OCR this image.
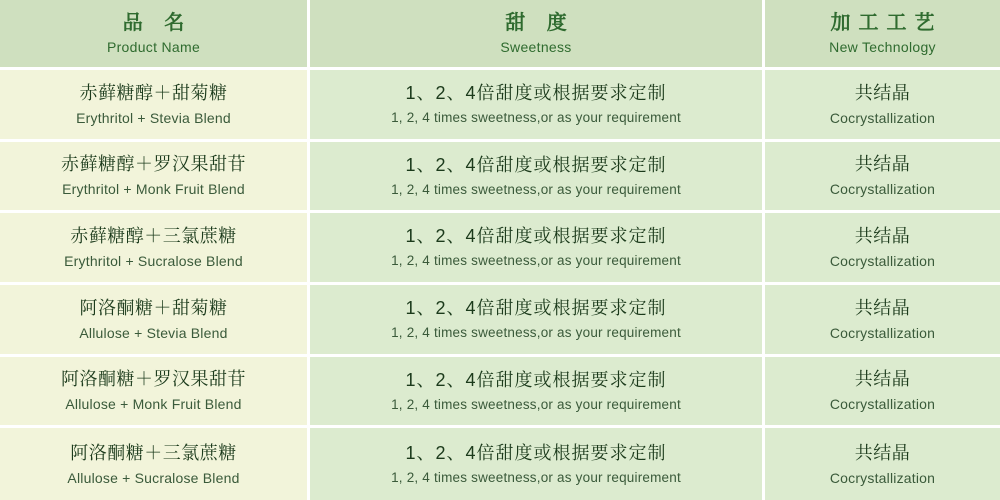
品 名
Product Name
甜 度
Sweetness
加工工艺
New Technology
赤藓糖醇＋甜菊糖
Erythritol + Stevia Blend
1、2、4倍甜度或根据要求定制
1, 2, 4 times sweetness,or as your requirement
共结晶
Cocrystallization
赤藓糖醇＋罗汉果甜苷
Erythritol + Monk Fruit Blend
1、2、4倍甜度或根据要求定制
1, 2, 4 times sweetness,or as your requirement
共结晶
Cocrystallization
赤藓糖醇＋三氯蔗糖
Erythritol + Sucralose Blend
1、2、4倍甜度或根据要求定制
1, 2, 4 times sweetness,or as your requirement
共结晶
Cocrystallization
阿洛酮糖＋甜菊糖
Allulose + Stevia Blend
1、2、4倍甜度或根据要求定制
1, 2, 4 times sweetness,or as your requirement
共结晶
Cocrystallization
阿洛酮糖＋罗汉果甜苷
Allulose + Monk Fruit Blend
1、2、4倍甜度或根据要求定制
1, 2, 4 times sweetness,or as your requirement
共结晶
Cocrystallization
阿洛酮糖＋三氯蔗糖
Allulose + Sucralose Blend
1、2、4倍甜度或根据要求定制
1, 2, 4 times sweetness,or as your requirement
共结晶
Cocrystallization
